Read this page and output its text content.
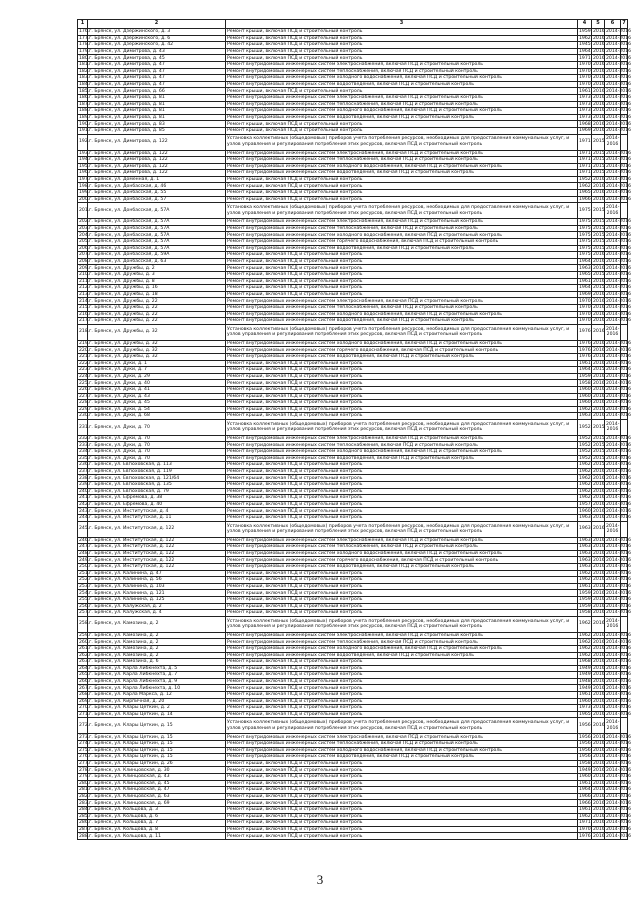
1	2	3	4	5	6	7
176.	г. Брянск, ул. Дзержинского, д. 3	Ремонт крыши, включая ПСД и строительный контроль	1959	2016	2014-2016	
177.	г. Брянск, ул. Дзержинского, д. 6	Ремонт крыши, включая ПСД и строительный контроль	1962	2016	2014-2016	
178.	г. Брянск, ул. Дзержинского, д. 42	Ремонт крыши, включая ПСД и строительный контроль	1945	2016	2014-2016	
179.	г. Брянск, ул. Димитрова, д. 43	Ремонт крыши, включая ПСД и строительный контроль	1964	2016	2014-2016	
180.	г. Брянск, ул. Димитрова, д. 45	Ремонт крыши, включая ПСД и строительный контроль	1971	2016	2014-2016	
181.	г. Брянск, ул. Димитрова, д. 47	Ремонт внутридомовых инженерных систем электроснабжения, включая ПСД и строительный контроль	1970	2016	2014-2016	
182.	г. Брянск, ул. Димитрова, д. 47	Ремонт внутридомовых инженерных систем теплоснабжения, включая ПСД и строительный контроль	1970	2016	2014-2016	
183.	г. Брянск, ул. Димитрова, д. 47	Ремонт внутридомовых инженерных систем холодного водоснабжения, включая ПСД и строительный контроль	1970	2016	2014-2016	
184.	г. Брянск, ул. Димитрова, д. 47	Ремонт внутридомовых инженерных систем водоотведения, включая ПСД и строительный контроль	1970	2016	2014-2016	
185.	г. Брянск, ул. Димитрова, д. 66	Ремонт крыши, включая ПСД и строительный контроль	1961	2016	2014-2016	
186.	г. Брянск, ул. Димитрова, д. 81	Ремонт внутридомовых инженерных систем электроснабжения, включая ПСД и строительный контроль	1973	2016	2014-2016	
187.	г. Брянск, ул. Димитрова, д. 81	Ремонт внутридомовых инженерных систем теплоснабжения, включая ПСД и строительный контроль	1973	2016	2014-2016	
188.	г. Брянск, ул. Димитрова, д. 81	Ремонт внутридомовых инженерных систем холодного водоснабжения, включая ПСД и строительный контроль	1973	2016	2014-2016	
189.	г. Брянск, ул. Димитрова, д. 81	Ремонт внутридомовых инженерных систем водоотведения, включая ПСД и строительный контроль	1973	2016	2014-2016	
190.	г. Брянск, ул. Димитрова, д. 83	Ремонт крыши, включая ПСД и строительный контроль	1968	2016	2014-2016	
191.	г. Брянск, ул. Димитрова, д. 85	Ремонт крыши, включая ПСД и строительный контроль	1969	2016	2014-2016	
192.	г. Брянск, ул. Димитрова, д. 122	Установка коллективных (общедомовых) приборов учета потребления ресурсов, необходимых для предоставления коммунальных услуг, и узлов управления и регулирования потребления этих ресурсов, включая ПСД и строительный контроль	1971	2015	2014-2016	
193.	г. Брянск, ул. Димитрова, д. 122	Ремонт внутридомовых инженерных систем электроснабжения, включая ПСД и строительный контроль	1971	2015	2014-2016	
194.	г. Брянск, ул. Димитрова, д. 122	Ремонт внутридомовых инженерных систем теплоснабжения, включая ПСД и строительный контроль	1971	2015	2014-2016	
195.	г. Брянск, ул. Димитрова, д. 122	Ремонт внутридомовых инженерных систем холодного водоснабжения, включая ПСД и строительный контроль	1971	2015	2014-2016	
196.	г. Брянск, ул. Димитрова, д. 122	Ремонт внутридомовых инженерных систем водоотведения, включая ПСД и строительный контроль	1971	2015	2014-2016	
197.	г. Брянск, ул. Доменная, д. 1	Ремонт крыши, включая ПСД и строительный контроль	1952	2016	2014-2016	
198.	г. Брянск, ул. Донбасская, д. 46	Ремонт крыши, включая ПСД и строительный контроль	1962	2016	2014-2016	
199.	г. Брянск, ул. Донбасская, д. 55	Ремонт крыши, включая ПСД и строительный контроль	1965	2016	2014-2016	
200.	г. Брянск, ул. Донбасская, д. 57	Ремонт крыши, включая ПСД и строительный контроль	1966	2016	2014-2016	
201.	г. Брянск, ул. Донбасская, д. 57А	Установка коллективных (общедомовых) приборов учета потребления ресурсов, необходимых для предоставления коммунальных услуг, и узлов управления и регулирования потребления этих ресурсов, включая ПСД и строительный контроль	1975	2015	2014-2016	
202.	г. Брянск, ул. Донбасская, д. 57А	Ремонт внутридомовых инженерных систем электроснабжения, включая ПСД и строительный контроль	1975	2015	2014-2016	
203.	г. Брянск, ул. Донбасская, д. 57А	Ремонт внутридомовых инженерных систем теплоснабжения, включая ПСД и строительный контроль	1975	2015	2014-2016	
204.	г. Брянск, ул. Донбасская, д. 57А	Ремонт внутридомовых инженерных систем холодного водоснабжения, включая ПСД и строительный контроль	1975	2015	2014-2016	
205.	г. Брянск, ул. Донбасская, д. 57А	Ремонт внутридомовых инженерных систем горячего водоснабжения, включая ПСД и строительный контроль	1975	2015	2014-2016	
206.	г. Брянск, ул. Донбасская, д. 57А	Ремонт внутридомовых инженерных систем водоотведения, включая ПСД и строительный контроль	1975	2015	2014-2016	
207.	г. Брянск, ул. Донбасская, д. 59А	Ремонт крыши, включая ПСД и строительный контроль	1975	2016	2014-2016	
208.	г. Брянск, ул. Донбасская, д. 63	Ремонт крыши, включая ПСД и строительный контроль	1964	2016	2014-2016	
209.	г. Брянск, ул. Дружбы, д. 2	Ремонт крыши, включая ПСД и строительный контроль	1963	2016	2014-2016	
210.	г. Брянск, ул. Дружбы, д. 3	Ремонт крыши, включая ПСД и строительный контроль	1965	2015	2014-2016	
211.	г. Брянск, ул. Дружбы, д. 8	Ремонт крыши, включая ПСД и строительный контроль	1961	2016	2014-2016	
212.	г. Брянск, ул. Дружбы, д. 16	Ремонт крыши, включая ПСД и строительный контроль	1964	2015	2014-2016	
213.	г. Брянск, ул. Дружбы, д. 18	Ремонт крыши, включая ПСД и строительный контроль	1969	2016	2014-2016	
214.	г. Брянск, ул. Дружбы, д. 22	Ремонт внутридомовых инженерных систем электроснабжения, включая ПСД и строительный контроль	1970	2016	2014-2016	
215.	г. Брянск, ул. Дружбы, д. 22	Ремонт внутридомовых инженерных систем теплоснабжения, включая ПСД и строительный контроль	1970	2016	2014-2016	
216.	г. Брянск, ул. Дружбы, д. 22	Ремонт внутридомовых инженерных систем холодного водоснабжения, включая ПСД и строительный контроль	1970	2016	2014-2016	
217.	г. Брянск, ул. Дружбы, д. 22	Ремонт внутридомовых инженерных систем водоотведения, включая ПСД и строительный контроль	1970	2016	2014-2016	
218.	г. Брянск, ул. Дружбы, д. 32	Установка коллективных (общедомовых) приборов учета потребления ресурсов, необходимых для предоставления коммунальных услуг, и узлов управления и регулирования потребления этих ресурсов, включая ПСД и строительный контроль	1976	2016	2014-2016	
219.	г. Брянск, ул. Дружбы, д. 32	Ремонт внутридомовых инженерных систем холодного водоснабжения, включая ПСД и строительный контроль	1976	2016	2014-2016	
220.	г. Брянск, ул. Дружбы, д. 32	Ремонт внутридомовых инженерных систем горячего водоснабжения, включая ПСД и строительный контроль	1976	2016	2014-2016	
221.	г. Брянск, ул. Дружбы, д. 32	Ремонт внутридомовых инженерных систем водоотведения, включая ПСД и строительный контроль	1976	2016	2014-2016	
222.	г. Брянск, ул. Дуки, д. 1	Ремонт крыши, включая ПСД и строительный контроль	1961	2016	2014-2016	
223.	г. Брянск, ул. Дуки, д. 7	Ремонт крыши, включая ПСД и строительный контроль	1964	2015	2014-2016	
224.	г. Брянск, ул. Дуки, д. 29	Ремонт крыши, включая ПСД и строительный контроль	1959	2016	2014-2016	
225.	г. Брянск, ул. Дуки, д. 40	Ремонт крыши, включая ПСД и строительный контроль	1958	2016	2014-2016	
226.	г. Брянск, ул. Дуки, д. 41	Ремонт крыши, включая ПСД и строительный контроль	1960	2016	2014-2016	
227.	г. Брянск, ул. Дуки, д. 43	Ремонт крыши, включая ПСД и строительный контроль	1960	2016	2014-2016	
228.	г. Брянск, ул. Дуки, д. 45	Ремонт крыши, включая ПСД и строительный контроль	1960	2016	2014-2016	
229.	г. Брянск, ул. Дуки, д. 54	Ремонт крыши, включая ПСД и строительный контроль	1962	2016	2014-2016	
230.	г. Брянск, ул. Дуки, д. 68	Ремонт крыши, включая ПСД и строительный контроль	1963	2016	2014-2016	
231.	г. Брянск, ул. Дуки, д. 70	Установка коллективных (общедомовых) приборов учета потребления ресурсов, необходимых для предоставления коммунальных услуг, и узлов управления и регулирования потребления этих ресурсов, включая ПСД и строительный контроль	1952	2015	2014-2016	
232.	г. Брянск, ул. Дуки, д. 70	Ремонт внутридомовых инженерных систем электроснабжения, включая ПСД и строительный контроль	1952	2015	2014-2016	
233.	г. Брянск, ул. Дуки, д. 70	Ремонт внутридомовых инженерных систем теплоснабжения, включая ПСД и строительный контроль	1952	2015	2014-2016	
234.	г. Брянск, ул. Дуки, д. 70	Ремонт внутридомовых инженерных систем холодного водоснабжения, включая ПСД и строительный контроль	1952	2015	2014-2016	
235.	г. Брянск, ул. Дуки, д. 70	Ремонт внутридомовых инженерных систем водоотведения, включая ПСД и строительный контроль	1952	2015	2014-2016	
236.	г. Брянск, ул. Евгюховская, д. 113	Ремонт крыши, включая ПСД и строительный контроль	1962	2015	2014-2016	
237.	г. Брянск, ул. Евгюховская, д. 119	Ремонт крыши, включая ПСД и строительный контроль	1962	2016	2014-2016	
238.	г. Брянск, ул. Евгюховская, д. 121/64	Ремонт крыши, включая ПСД и строительный контроль	1962	2016	2014-2016	
239.	г. Брянск, ул. Евгюховская, д. 135	Ремонт крыши, включая ПСД и строительный контроль	1962	2016	2014-2016	
240.	г. Брянск, ул. Евгюховская, д. 79	Ремонт крыши, включая ПСД и строительный контроль	1962	2016	2014-2016	
241.	г. Брянск, ул. Ефремова, д. 38	Ремонт крыши, включая ПСД и строительный контроль	1962	2016	2014-2016	
242.	г. Брянск, ул. Ефремова, д. 40	Ремонт крыши, включая ПСД и строительный контроль	1957	2016	2014-2016	
243.	г. Брянск, ул. Институтская, д. 4	Ремонт крыши, включая ПСД и строительный контроль	1960	2016	2014-2016	
244.	г. Брянск, ул. Институтская, д. 11	Ремонт крыши, включая ПСД и строительный контроль	1963	2016	2014-2016	
245.	г. Брянск, ул. Институтская, д. 122	Установка коллективных (общедомовых) приборов учета потребления ресурсов, необходимых для предоставления коммунальных услуг, и узлов управления и регулирования потребления этих ресурсов, включая ПСД и строительный контроль	1963	2016	2014-2016	
246.	г. Брянск, ул. Институтская, д. 122	Ремонт внутридомовых инженерных систем электроснабжения, включая ПСД и строительный контроль	1963	2016	2014-2016	
247.	г. Брянск, ул. Институтская, д. 122	Ремонт внутридомовых инженерных систем теплоснабжения, включая ПСД и строительный контроль	1963	2016	2014-2016	
248.	г. Брянск, ул. Институтская, д. 122	Ремонт внутридомовых инженерных систем холодного водоснабжения, включая ПСД и строительный контроль	1963	2016	2014-2016	
249.	г. Брянск, ул. Институтская, д. 122	Ремонт внутридомовых инженерных систем горячего водоснабжения, включая ПСД и строительный контроль	1963	2016	2014-2016	
250.	г. Брянск, ул. Институтская, д. 122	Ремонт внутридомовых инженерных систем водоотведения, включая ПСД и строительный контроль	1963	2016	2014-2016	
251.	г. Брянск, ул. Калинина, д. 47	Ремонт крыши, включая ПСД и строительный контроль	1962	2016	2014-2016	
252.	г. Брянск, ул. Калинина, д. 56	Ремонт крыши, включая ПСД и строительный контроль	1962	2016	2014-2016	
253.	г. Брянск, ул. Калинина, д. 103	Ремонт крыши, включая ПСД и строительный контроль	1961	2016	2014-2016	
254.	г. Брянск, ул. Калинина, д. 121	Ремонт крыши, включая ПСД и строительный контроль	1959	2016	2014-2016	
255.	г. Брянск, ул. Калинина, д. 125	Ремонт крыши, включая ПСД и строительный контроль	1959	2016	2014-2016	
256.	г. Брянск, ул. Калужская, д. 2	Ремонт крыши, включая ПСД и строительный контроль	1959	2016	2014-2016	
257.	г. Брянск, ул. Калужская, д. 4	Ремонт крыши, включая ПСД и строительный контроль	1958	2016	2014-2016	
258.	г. Брянск, ул. Камозина, д. 2	Установка коллективных (общедомовых) приборов учета потребления ресурсов, необходимых для предоставления коммунальных услуг, и узлов управления и регулирования потребления этих ресурсов, включая ПСД и строительный контроль	1962	2016	2014-2016	
259.	г. Брянск, ул. Камозина, д. 2	Ремонт внутридомовых инженерных систем электроснабжения, включая ПСД и строительный контроль	1962	2016	2014-2016	
260.	г. Брянск, ул. Камозина, д. 2	Ремонт внутридомовых инженерных систем теплоснабжения, включая ПСД и строительный контроль	1962	2016	2014-2016	
261.	г. Брянск, ул. Камозина, д. 2	Ремонт внутридомовых инженерных систем холодного водоснабжения, включая ПСД и строительный контроль	1962	2016	2014-2016	
262.	г. Брянск, ул. Камозина, д. 2	Ремонт внутридомовых инженерных систем водоотведения, включая ПСД и строительный контроль	1962	2016	2014-2016	
263.	г. Брянск, ул. Камозина, д. 6	Ремонт крыши, включая ПСД и строительный контроль	1968	2016	2014-2016	
264.	г. Брянск, ул. Карла Либкнехта, д. 5	Ремонт крыши, включая ПСД и строительный контроль	1949	2016	2014-2016	
265.	г. Брянск, ул. Карла Либкнехта, д. 7	Ремонт крыши, включая ПСД и строительный контроль	1949	2016	2014-2016	
266.	г. Брянск, ул. Карла Либкнехта, д. 9	Ремонт крыши, включая ПСД и строительный контроль	1948	2016	2014-2016	
267.	г. Брянск, ул. Карла Либкнехта, д. 10	Ремонт крыши, включая ПСД и строительный контроль	1949	2016	2014-2016	
268.	г. Брянск, ул. Карла Маркса, д. 12	Ремонт крыши, включая ПСД и строительный контроль	1961	2016	2014-2016	
269.	г. Брянск, ул. Кирпичная, д. 20	Ремонт крыши, включая ПСД и строительный контроль	1960	2016	2014-2016	
270.	г. Брянск, ул. Клары Цеткин, д. 2	Ремонт крыши, включая ПСД и строительный контроль	1973	2016	2014-2016	
271.	г. Брянск, ул. Клары Цеткин, д. 14	Ремонт крыши, включая ПСД и строительный контроль	1965	2016	2014-2016	
272.	г. Брянск, ул. Клары Цеткин, д. 15	Установка коллективных (общедомовых) приборов учета потребления ресурсов, необходимых для предоставления коммунальных услуг, и узлов управления и регулирования потребления этих ресурсов, включая ПСД и строительный контроль	1956	2016	2014-2016	
273.	г. Брянск, ул. Клары Цеткин, д. 15	Ремонт внутридомовых инженерных систем электроснабжения, включая ПСД и строительный контроль	1956	2016	2014-2016	
274.	г. Брянск, ул. Клары Цеткин, д. 15	Ремонт внутридомовых инженерных систем теплоснабжения, включая ПСД и строительный контроль	1956	2016	2014-2016	
275.	г. Брянск, ул. Клары Цеткин, д. 15	Ремонт внутридомовых инженерных систем холодного водоснабжения, включая ПСД и строительный контроль	1956	2016	2014-2016	
276.	г. Брянск, ул. Клары Цеткин, д. 15	Ремонт внутридомовых инженерных систем водоотведения, включая ПСД и строительный контроль	1956	2016	2014-2016	
277.	г. Брянск, ул. Клары Цеткин, д. 26	Ремонт крыши, включая ПСД и строительный контроль	1958	2016	2014-2016	
278.	г. Брянск, ул. Клинцовская, д. 30	Ремонт крыши, включая ПСД и строительный контроль	1949	2016	2014-2016	
279.	г. Брянск, ул. Клинцовская, д. 43	Ремонт крыши, включая ПСД и строительный контроль	1960	2016	2014-2016	
280.	г. Брянск, ул. Клинцовская, д. 45	Ремонт крыши, включая ПСД и строительный контроль	1961	2016	2014-2016	
281.	г. Брянск, ул. Клинцовская, д. 47	Ремонт крыши, включая ПСД и строительный контроль	1964	2016	2014-2016	
282.	г. Брянск, ул. Клинцовская, д. 63	Ремонт крыши, включая ПСД и строительный контроль	1966	2016	2014-2016	
283.	г. Брянск, ул. Клинцовская, д. 69	Ремонт крыши, включая ПСД и строительный контроль	1966	2016	2014-2016	
284.	г. Брянск, ул. Кольцова, д. 3	Ремонт крыши, включая ПСД и строительный контроль	1961	2016	2014-2016	
285.	г. Брянск, ул. Кольцова, д. 6	Ремонт крыши, включая ПСД и строительный контроль	1962	2016	2014-2016	
286.	г. Брянск, ул. Кольцова, д. 7	Ремонт крыши, включая ПСД и строительный контроль	1971	2016	2014-2016	
287.	г. Брянск, ул. Кольцова, д. 8	Ремонт крыши, включая ПСД и строительный контроль	1970	2016	2014-2016	
288.	г. Брянск, ул. Кольцова, д. 11	Ремонт крыши, включая ПСД и строительный контроль	1976	2016	2014-2016	
3
